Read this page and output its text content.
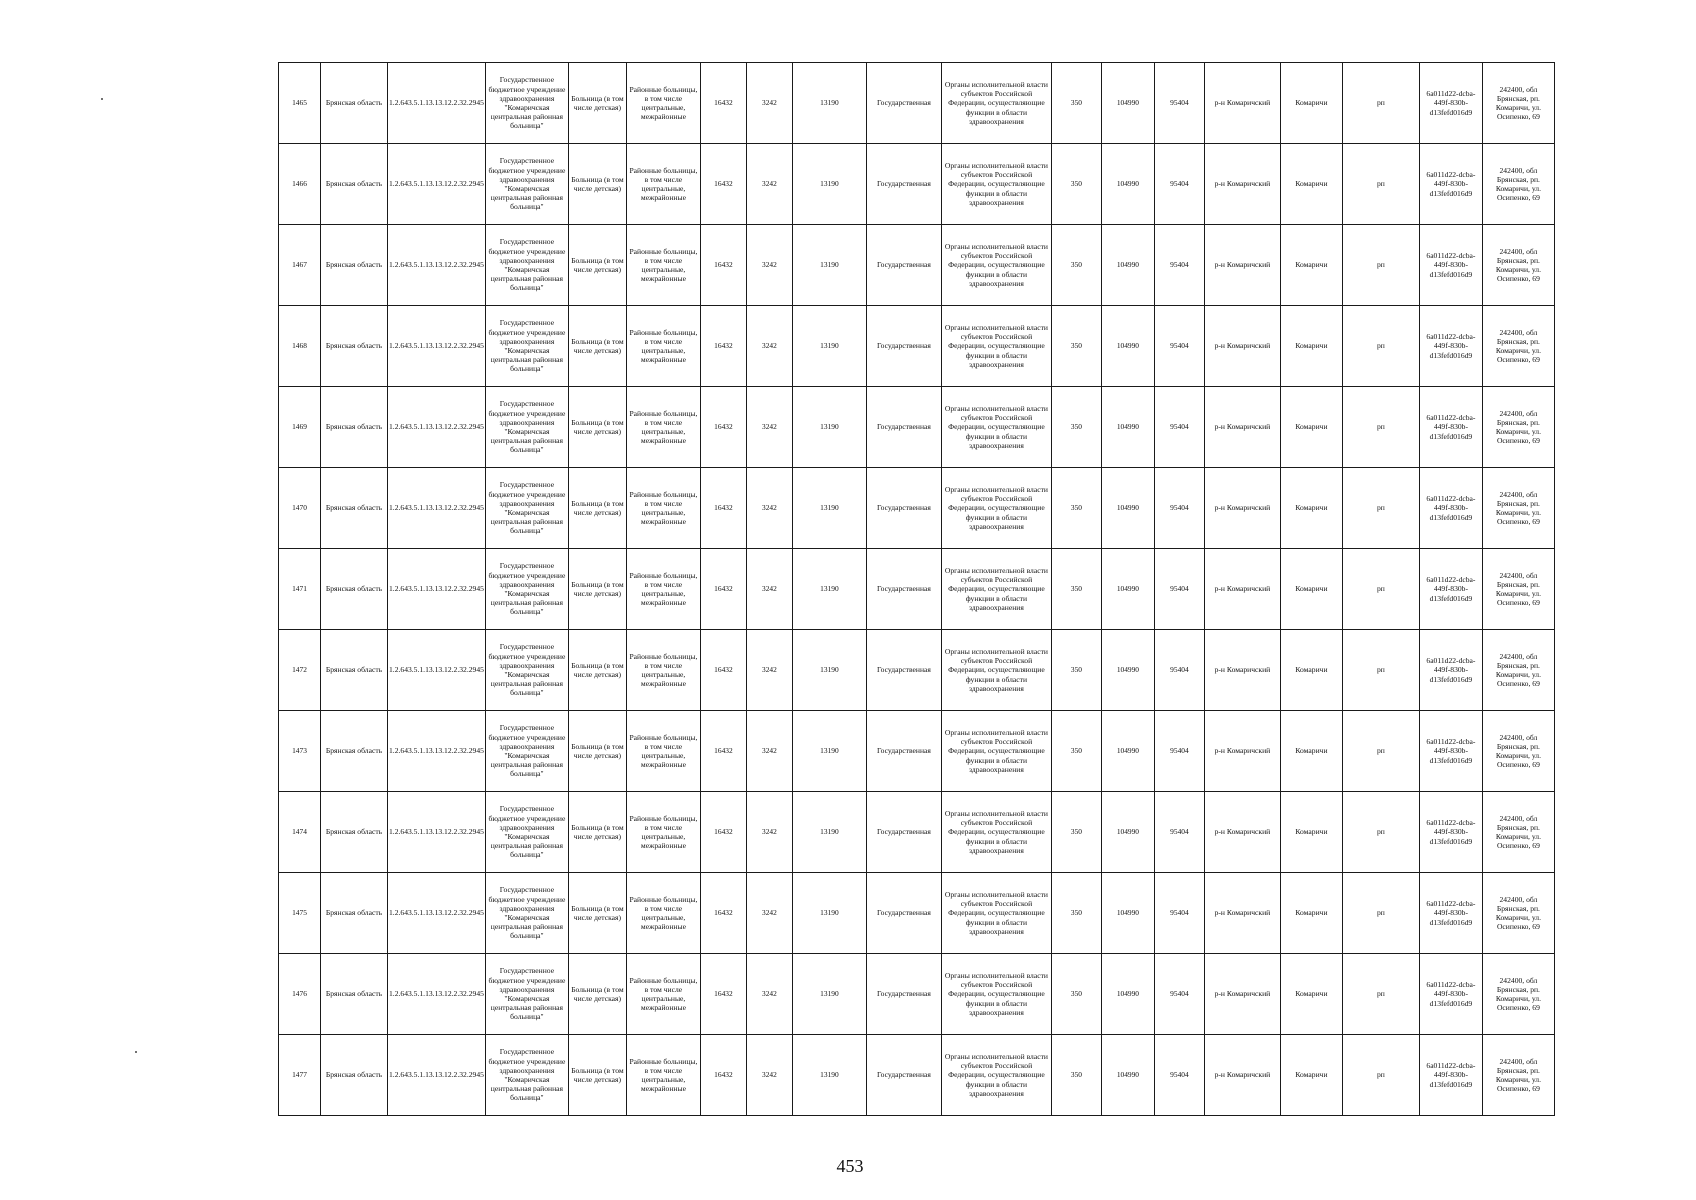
1465	Брянская область	1.2.643.5.1.13.13.12.2.32.2945	Государственное бюджетное учреждение здравоохранения "Комаричская центральная районная больница"	Больница (в том числе детская)	Районные больницы, в том числе центральные, межрайонные	16432	3242	13190	Государственная	Органы исполнительной власти субъектов Российской Федерации, осуществляющие функции в области здравоохранения	350	104990	95404	р-н Комаричский	Комаричи	рп	6a011d22-dcba-449f-830b-d13fefd016d9	242400, обл Брянская, рп. Комаричи, ул. Осипенко, 69
1466	Брянская область	1.2.643.5.1.13.13.12.2.32.2945	Государственное бюджетное учреждение здравоохранения "Комаричская центральная районная больница"	Больница (в том числе детская)	Районные больницы, в том числе центральные, межрайонные	16432	3242	13190	Государственная	Органы исполнительной власти субъектов Российской Федерации, осуществляющие функции в области здравоохранения	350	104990	95404	р-н Комаричский	Комаричи	рп	6a011d22-dcba-449f-830b-d13fefd016d9	242400, обл Брянская, рп. Комаричи, ул. Осипенко, 69
1467	Брянская область	1.2.643.5.1.13.13.12.2.32.2945	Государственное бюджетное учреждение здравоохранения "Комаричская центральная районная больница"	Больница (в том числе детская)	Районные больницы, в том числе центральные, межрайонные	16432	3242	13190	Государственная	Органы исполнительной власти субъектов Российской Федерации, осуществляющие функции в области здравоохранения	350	104990	95404	р-н Комаричский	Комаричи	рп	6a011d22-dcba-449f-830b-d13fefd016d9	242400, обл Брянская, рп. Комаричи, ул. Осипенко, 69
1468	Брянская область	1.2.643.5.1.13.13.12.2.32.2945	Государственное бюджетное учреждение здравоохранения "Комаричская центральная районная больница"	Больница (в том числе детская)	Районные больницы, в том числе центральные, межрайонные	16432	3242	13190	Государственная	Органы исполнительной власти субъектов Российской Федерации, осуществляющие функции в области здравоохранения	350	104990	95404	р-н Комаричский	Комаричи	рп	6a011d22-dcba-449f-830b-d13fefd016d9	242400, обл Брянская, рп. Комаричи, ул. Осипенко, 69
1469	Брянская область	1.2.643.5.1.13.13.12.2.32.2945	Государственное бюджетное учреждение здравоохранения "Комаричская центральная районная больница"	Больница (в том числе детская)	Районные больницы, в том числе центральные, межрайонные	16432	3242	13190	Государственная	Органы исполнительной власти субъектов Российской Федерации, осуществляющие функции в области здравоохранения	350	104990	95404	р-н Комаричский	Комаричи	рп	6a011d22-dcba-449f-830b-d13fefd016d9	242400, обл Брянская, рп. Комаричи, ул. Осипенко, 69
1470	Брянская область	1.2.643.5.1.13.13.12.2.32.2945	Государственное бюджетное учреждение здравоохранения "Комаричская центральная районная больница"	Больница (в том числе детская)	Районные больницы, в том числе центральные, межрайонные	16432	3242	13190	Государственная	Органы исполнительной власти субъектов Российской Федерации, осуществляющие функции в области здравоохранения	350	104990	95404	р-н Комаричский	Комаричи	рп	6a011d22-dcba-449f-830b-d13fefd016d9	242400, обл Брянская, рп. Комаричи, ул. Осипенко, 69
1471	Брянская область	1.2.643.5.1.13.13.12.2.32.2945	Государственное бюджетное учреждение здравоохранения "Комаричская центральная районная больница"	Больница (в том числе детская)	Районные больницы, в том числе центральные, межрайонные	16432	3242	13190	Государственная	Органы исполнительной власти субъектов Российской Федерации, осуществляющие функции в области здравоохранения	350	104990	95404	р-н Комаричский	Комаричи	рп	6a011d22-dcba-449f-830b-d13fefd016d9	242400, обл Брянская, рп. Комаричи, ул. Осипенко, 69
1472	Брянская область	1.2.643.5.1.13.13.12.2.32.2945	Государственное бюджетное учреждение здравоохранения "Комаричская центральная районная больница"	Больница (в том числе детская)	Районные больницы, в том числе центральные, межрайонные	16432	3242	13190	Государственная	Органы исполнительной власти субъектов Российской Федерации, осуществляющие функции в области здравоохранения	350	104990	95404	р-н Комаричский	Комаричи	рп	6a011d22-dcba-449f-830b-d13fefd016d9	242400, обл Брянская, рп. Комаричи, ул. Осипенко, 69
1473	Брянская область	1.2.643.5.1.13.13.12.2.32.2945	Государственное бюджетное учреждение здравоохранения "Комаричская центральная районная больница"	Больница (в том числе детская)	Районные больницы, в том числе центральные, межрайонные	16432	3242	13190	Государственная	Органы исполнительной власти субъектов Российской Федерации, осуществляющие функции в области здравоохранения	350	104990	95404	р-н Комаричский	Комаричи	рп	6a011d22-dcba-449f-830b-d13fefd016d9	242400, обл Брянская, рп. Комаричи, ул. Осипенко, 69
1474	Брянская область	1.2.643.5.1.13.13.12.2.32.2945	Государственное бюджетное учреждение здравоохранения "Комаричская центральная районная больница"	Больница (в том числе детская)	Районные больницы, в том числе центральные, межрайонные	16432	3242	13190	Государственная	Органы исполнительной власти субъектов Российской Федерации, осуществляющие функции в области здравоохранения	350	104990	95404	р-н Комаричский	Комаричи	рп	6a011d22-dcba-449f-830b-d13fefd016d9	242400, обл Брянская, рп. Комаричи, ул. Осипенко, 69
1475	Брянская область	1.2.643.5.1.13.13.12.2.32.2945	Государственное бюджетное учреждение здравоохранения "Комаричская центральная районная больница"	Больница (в том числе детская)	Районные больницы, в том числе центральные, межрайонные	16432	3242	13190	Государственная	Органы исполнительной власти субъектов Российской Федерации, осуществляющие функции в области здравоохранения	350	104990	95404	р-н Комаричский	Комаричи	рп	6a011d22-dcba-449f-830b-d13fefd016d9	242400, обл Брянская, рп. Комаричи, ул. Осипенко, 69
1476	Брянская область	1.2.643.5.1.13.13.12.2.32.2945	Государственное бюджетное учреждение здравоохранения "Комаричская центральная районная больница"	Больница (в том числе детская)	Районные больницы, в том числе центральные, межрайонные	16432	3242	13190	Государственная	Органы исполнительной власти субъектов Российской Федерации, осуществляющие функции в области здравоохранения	350	104990	95404	р-н Комаричский	Комаричи	рп	6a011d22-dcba-449f-830b-d13fefd016d9	242400, обл Брянская, рп. Комаричи, ул. Осипенко, 69
1477	Брянская область	1.2.643.5.1.13.13.12.2.32.2945	Государственное бюджетное учреждение здравоохранения "Комаричская центральная районная больница"	Больница (в том числе детская)	Районные больницы, в том числе центральные, межрайонные	16432	3242	13190	Государственная	Органы исполнительной власти субъектов Российской Федерации, осуществляющие функции в области здравоохранения	350	104990	95404	р-н Комаричский	Комаричи	рп	6a011d22-dcba-449f-830b-d13fefd016d9	242400, обл Брянская, рп. Комаричи, ул. Осипенко, 69
453
